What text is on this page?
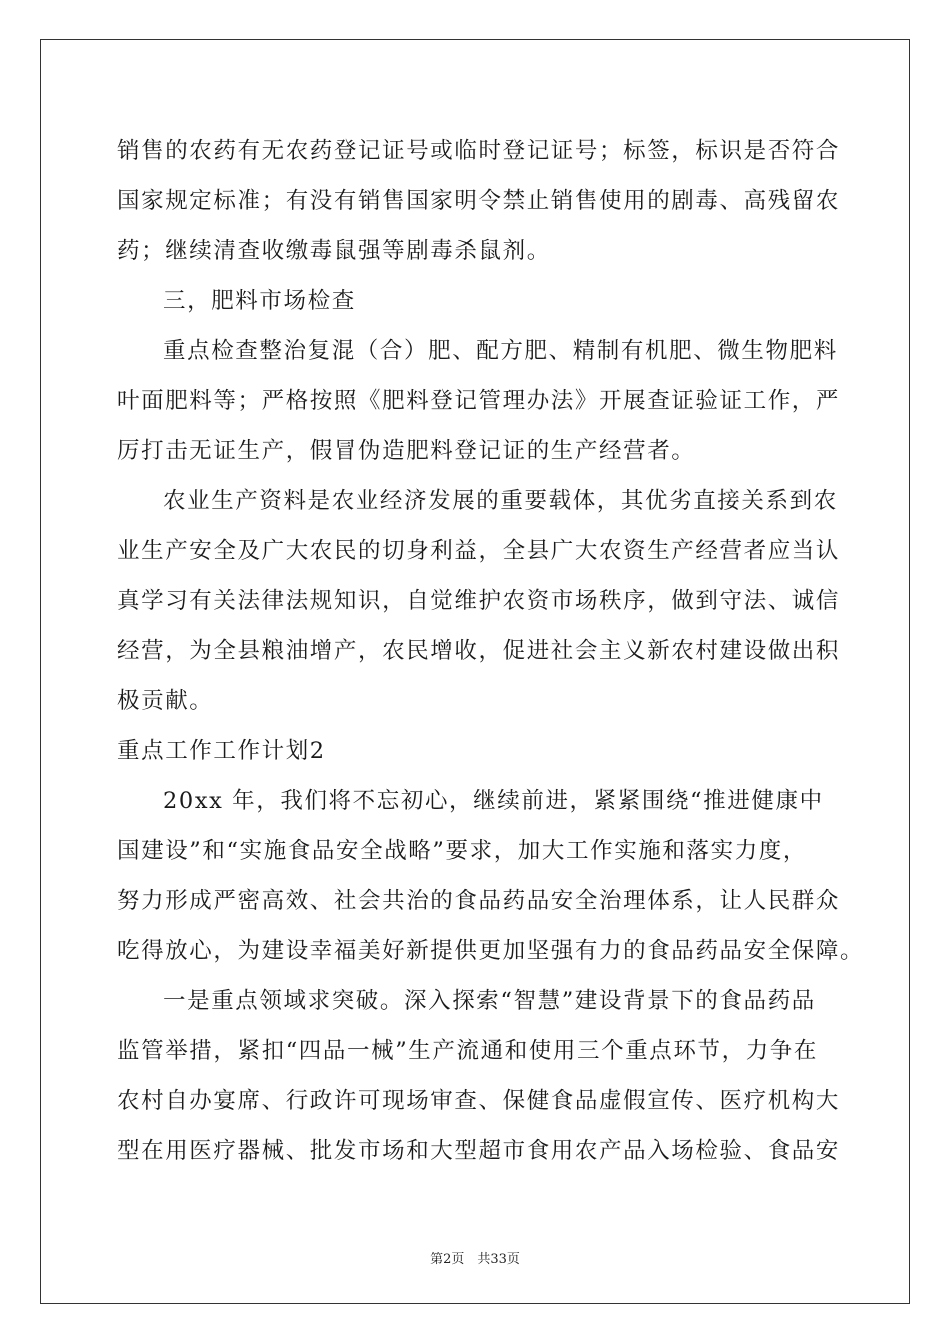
销售的农药有无农药登记证号或临时登记证号；标签，标识是否符合
国家规定标准；有没有销售国家明令禁止销售使用的剧毒、高残留农
药；继续清查收缴毒鼠强等剧毒杀鼠剂。
三，肥料市场检查
重点检查整治复混（合）肥、配方肥、精制有机肥、微生物肥料
叶面肥料等；严格按照《肥料登记管理办法》开展查证验证工作，严
厉打击无证生产，假冒伪造肥料登记证的生产经营者。
农业生产资料是农业经济发展的重要载体，其优劣直接关系到农
业生产安全及广大农民的切身利益，全县广大农资生产经营者应当认
真学习有关法律法规知识，自觉维护农资市场秩序，做到守法、诚信
经营，为全县粮油增产，农民增收，促进社会主义新农村建设做出积
极贡献。
重点工作工作计划2
20xx 年，我们将不忘初心，继续前进，紧紧围绕“推进健康中
国建设”和“实施食品安全战略”要求，加大工作实施和落实力度，
努力形成严密高效、社会共治的食品药品安全治理体系，让人民群众
吃得放心，为建设幸福美好新提供更加坚强有力的食品药品安全保障。
一是重点领域求突破。深入探索“智慧”建设背景下的食品药品
监管举措，紧扣“四品一械”生产流通和使用三个重点环节，力争在
农村自办宴席、行政许可现场审查、保健食品虚假宣传、医疗机构大
型在用医疗器械、批发市场和大型超市食用农产品入场检验、食品安
第2页　共33页
